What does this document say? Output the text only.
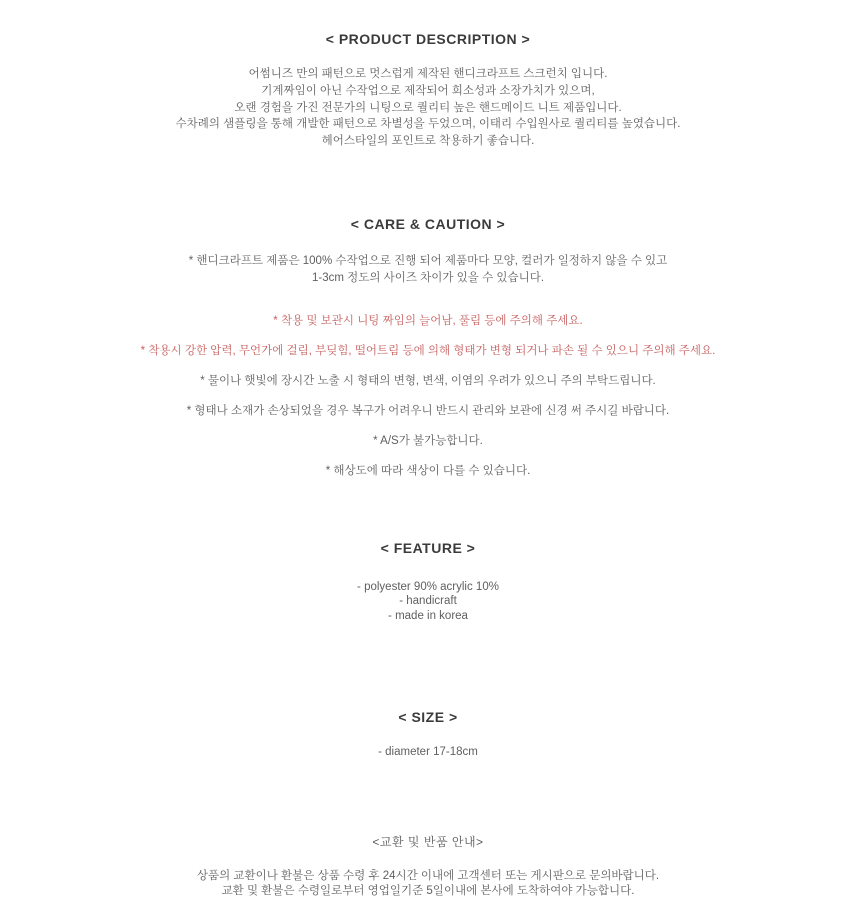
< PRODUCT DESCRIPTION >

어썸니즈 만의 패턴으로 멋스럽게 제작된 핸디크라프트 스크런치 입니다.

기계짜임이 아닌 수작업으로 제작되어 희소성과 소장가치가 있으며,

오랜 경험을 가진 전문가의 니팅으로 퀄리티 높은 핸드메이드 니트 제품입니다.

수차례의 샘플링을 통해 개발한 패턴으로 차별성을 두었으며, 이태리 수입원사로 퀄리티를 높였습니다.

헤어스타일의 포인트로 착용하기 좋습니다.

< CARE & CAUTION >

* 핸디크라프트 제품은 100% 수작업으로 진행 되어 제품마다 모양, 컬러가 일정하지 않을 수 있고

1-3cm 정도의 사이즈 차이가 있을 수 있습니다.

* 착용 및 보관시 니팅 짜임의 늘어남, 풀림 등에 주의해 주세요.

* 착용시 강한 압력, 무언가에 걸림, 부딪힘, 떨어트림 등에 의해 형태가 변형 되거나 파손 될 수 있으니 주의해 주세요.

* 물이나 햇빛에 장시간 노출 시 형태의 변형, 변색, 이염의 우려가 있으니 주의 부탁드립니다.

* 형태나 소재가 손상되었을 경우 복구가 어려우니 반드시 관리와 보관에 신경 써 주시길 바랍니다.

* A/S가 불가능합니다.

* 해상도에 따라 색상이 다를 수 있습니다.

< FEATURE >

- polyester 90% acrylic 10%

- handicraft

- made in korea

< SIZE >

- diameter 17-18cm

<교환 및 반품 안내>

상품의 교환이나 환불은 상품 수령 후 24시간 이내에 고객센터 또는 게시판으로 문의바랍니다.

교환 및 환불은 수령일로부터 영업일기준 5일이내에 본사에 도착하여야 가능합니다.
